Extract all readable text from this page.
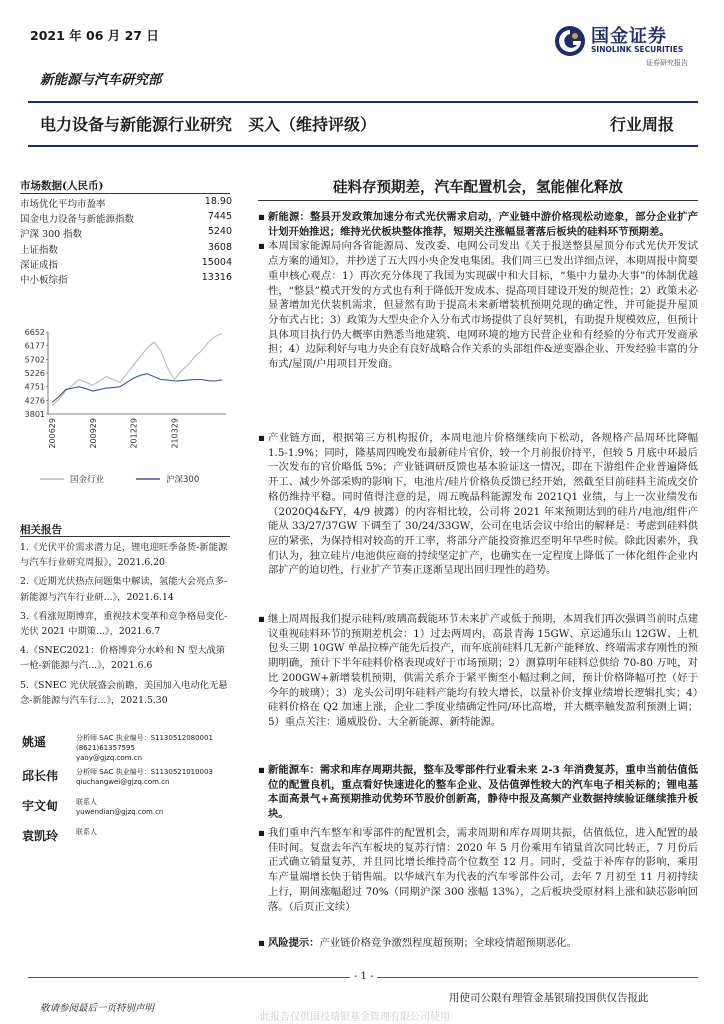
2021 年 06 月 27 日
新能源与汽车研究部
国金证券
SINOLINK SECURITIES
证券研究报告
电力设备与新能源行业研究　买入（维持评级）	行业周报
市场数据(人民币)
市场优化平均市盈率	18.90
国金电力设备与新能源指数	7445
沪深 300 指数	5240
上证指数	3608
深证成指	15004
中小板综指	13316
6652
6177
5702
5226
4751
4276
3801
200629	200929	201229	210329
国金行业	沪深300
相关报告
1.《光伏平价需求潜力足，锂电迎旺季备货-新能源与汽车行业研究周报》，2021.6.20
2.《近期光伏热点问题集中解读，氢能大会亮点多-新能源与汽车行业研...》，2021.6.14
3.《看涨短期博弈，重视技术变革和竞争格局变化-光伏 2021 中期策...》，2021.6.7
4.《SNEC2021：价格博弈分水岭和 N 型大战第一枪-新能源与汽...》，2021.6.6
5.《SNEC 光伏展盛会前瞻，美国加入电动化无悬念-新能源与汽车行...》，2021.5.30
姚遥	分析师 SAC 执业编号：S1130512080001
(8621)61357595
yaoy@gjzq.com.cn
邱长伟	分析师 SAC 执业编号：S1130521010003
qiuchangwei@gjzq.com.cn
宇文甸	联系人
yuwendian@gjzq.com.cn
袁凯玲	联系人
硅料存预期差，汽车配置机会，氢能催化释放
▪ 新能源：整县开发政策加速分布式光伏需求启动，产业链中游价格现松动迹象，部分企业扩产计划开始推迟；维持光伏板块整体推荐，短期关注涨幅显著落后板块的硅料环节预期差。
▪ 本周国家能源局向各省能源局、发改委、电网公司发出《关于报送整县屋顶分布式光伏开发试点方案的通知》，并抄送了五大四小央企发电集团。我们周三已发出详细点评，本期周报中简要重申核心观点：1）再次充分体现了我国为实现碳中和大目标，“集中力量办大事”的体制优越性，“整县”模式开发的方式也有利于降低开发成本、提高项目建设开发的规范性；2）政策未必显著增加光伏装机需求，但显然有助于提高未来新增装机预期兑现的确定性，并可能提升屋顶分布式占比；3）政策为大型央企介入分布式市场提供了良好契机，有助提升规模效应，但预计具体项目执行仍大概率由熟悉当地建筑、电网环境的地方民营企业和有经验的分布式开发商承担；4）边际利好与电力央企有良好战略合作关系的头部组件&逆变器企业、开发经验丰富的分布式/屋顶/户用项目开发商。
▪ 产业链方面，根据第三方机构报价，本周电池片价格继续向下松动，各规格产品周环比降幅 1.5-1.9%；同时，隆基周四晚发布最新硅片官价，较一个月前报价持平，但较 5 月底中环最后一次发布的官价略低 5%；产业链调研反馈也基本验证这一情况，即在下游组件企业普遍降低开工、减少外部采购的影响下，电池片/硅片价格负反馈已经开始，然截至目前硅料主流成交价格仍维持平稳。同时值得注意的是，周五晚晶科能源发布 2021Q1 业绩，与上一次业绩发布（2020Q4&FY，4/9 披露）的内容相比较，公司将 2021 年来预期达到的硅片/电池/组件产能从 33/27/37GW 下调至了 30/24/33GW，公司在电话会议中给出的解释是：考虑到硅料供应的紧张，为保持相对较高的开工率，将部分产能投资推迟至明年早些时候。除此因素外，我们认为，独立硅片/电池供应商的持续坚定扩产，也确实在一定程度上降低了一体化组件企业内部扩产的迫切性，行业扩产节奏正逐渐呈现出回归理性的趋势。
▪ 继上周周报我们提示硅料/玻璃高载能环节未来扩产或低于预期，本周我们再次强调当前时点建议重视硅料环节的预期差机会：1）过去两周内，高景青海 15GW、京运通乐山 12GW、上机包头三期 10GW 单晶拉棒产能先后投产，而年底前硅料几无新产能释放、终端需求存刚性的预期明确，预计下半年硅料价格表现或好于市场预期；2）测算明年硅料总供给 70-80 万吨，对比 200GW+新增装机预期，供需关系介于紧平衡至小幅过剩之间，预计价格降幅可控（好于今年的玻璃）；3）龙头公司明年硅料产能均有较大增长，以量补价支撑业绩增长逻辑扎实；4）硅料价格在 Q2 加速上涨，企业二季度业绩确定性同/环比高增，并大概率触发盈利预测上调；5）重点关注：通威股份、大全新能源、新特能源。
▪ 新能源车：需求和库存周期共振，整车及零部件行业看未来 2-3 年消费复苏，重申当前估值低位的配置良机，重点看好快速进化的整车企业、及估值弹性较大的汽车电子相关标的；锂电基本面高景气+高预期推动优势环节股价创新高，静待中报及高频产业数据持续验证继续推升板块。
▪ 我们重申汽车整车和零部件的配置机会，需求周期和库存周期共振，估值低位，进入配置的最佳时间。复盘去年汽车板块的复苏行情：2020 年 5 月份乘用车销量首次同比转正，7 月份后正式确立销量复苏，并且同比增长维持高个位数至 12 月。同时，受益于补库存的影响，乘用车产量端增长快于销售端。以华域汽车为代表的汽车零部件公司，去年 7 月初至 11 月初持续上行，期间涨幅超过 70%（同期沪深 300 涨幅 13%），之后板块受原材料上涨和缺芯影响回落。（后页正文续）
▪ 风险提示：产业链价格竞争激烈程度超预期；全球疫情超预期恶化。
- 1 -
敬请参阅最后一页特别声明
用使司公限有理管金基银瑞投国供仅告报此
此报告仅供国投瑞银基金管理有限公司使用
